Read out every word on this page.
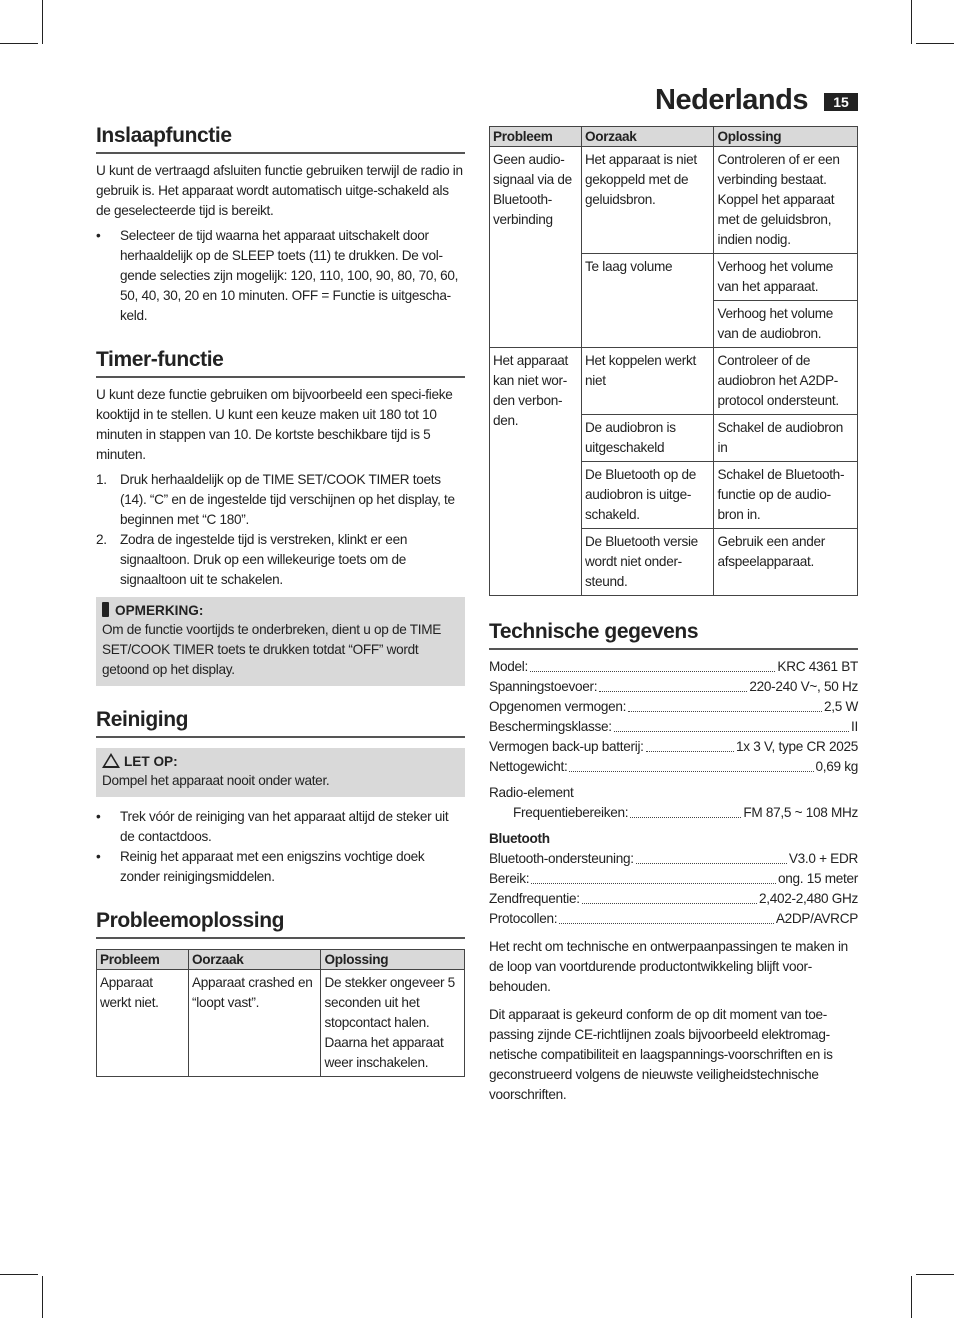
Nederlands	15
Inslaapfunctie

U kunt de vertraagd afsluiten functie gebruiken terwijl de radio in gebruik is. Het apparaat wordt automatisch uitge-schakeld als de geselecteerde tijd is bereikt.

• Selecteer de tijd waarna het apparaat uitschakelt door herhaaldelijk op de SLEEP toets (11) te drukken. De vol-gende selecties zijn mogelijk: 120, 110, 100, 90, 80, 70, 60, 50, 40, 30, 20 en 10 minuten. OFF = Functie is uitgescha-keld.
Timer-functie

U kunt deze functie gebruiken om bijvoorbeeld een speci-fieke kooktijd in te stellen. U kunt een keuze maken uit 180 tot 10 minuten in stappen van 10. De kortste beschikbare tijd is 5 minuten.

1. Druk herhaaldelijk op de TIME SET/COOK TIMER toets (14). “C” en de ingestelde tijd verschijnen op het display, te beginnen met “C 180”.
2. Zodra de ingestelde tijd is verstreken, klinkt er een signaaltoon. Druk op een willekeurige toets om de signaaltoon uit te schakelen.
OPMERKING:
Om de functie voortijds te onderbreken, dient u op de TIME SET/COOK TIMER toets te drukken totdat “OFF” wordt getoond op het display.
Reiniging
LET OP:
Dompel het apparaat nooit onder water.
• Trek vóór de reiniging van het apparaat altijd de steker uit de contactdoos.
• Reinig het apparaat met een enigszins vochtige doek zonder reinigingsmiddelen.
Probleemoplossing
Probleem	Oorzaak	Oplossing
Apparaat werkt niet.	Apparaat crashed en “loopt vast”.	De stekker ongeveer 5 seconden uit het stopcontact halen. Daarna het apparaat weer inschakelen.
Probleem	Oorzaak	Oplossing
Geen audio-signaal via de Bluetooth-verbinding	Het apparaat is niet gekoppeld met de geluidsbron.	Controleren of er een verbinding bestaat. Koppel het apparaat met de geluidsbron, indien nodig.
	Te laag volume	Verhoog het volume van het apparaat.
		Verhoog het volume van de audiobron.
Het apparaat kan niet wor-den verbon-den.	Het koppelen werkt niet	Controleer of de audiobron het A2DP-protocol ondersteunt.
	De audiobron is uitgeschakeld	Schakel de audiobron in
	De Bluetooth op de audiobron is uitge-schakeld.	Schakel de Bluetooth-functie op de audio-bron in.
	De Bluetooth versie wordt niet onder-steund.	Gebruik een ander afspeelapparaat.
Technische gegevens
Model:	KRC 4361 BT
Spanningstoevoer:	220-240 V~, 50 Hz
Opgenomen vermogen:	2,5 W
Beschermingsklasse:	II
Vermogen back-up batterij:	1x 3 V, type CR 2025
Nettogewicht:	0,69 kg
Radio-element
Frequentiebereiken:	FM 87,5 ~ 108 MHz
Bluetooth
Bluetooth-ondersteuning:	V3.0 + EDR
Bereik:	ong. 15 meter
Zendfrequentie:	2,402-2,480 GHz
Protocollen:	A2DP/AVRCP

Het recht om technische en ontwerpaanpassingen te maken in de loop van voortdurende productontwikkeling blijft voor-behouden.

Dit apparaat is gekeurd conform de op dit moment van toe-passing zijnde CE-richtlijnen zoals bijvoorbeeld elektromag-netische compatibiliteit en laagspannings-voorschriften en is geconstrueerd volgens de nieuwste veiligheidstechnische voorschriften.
